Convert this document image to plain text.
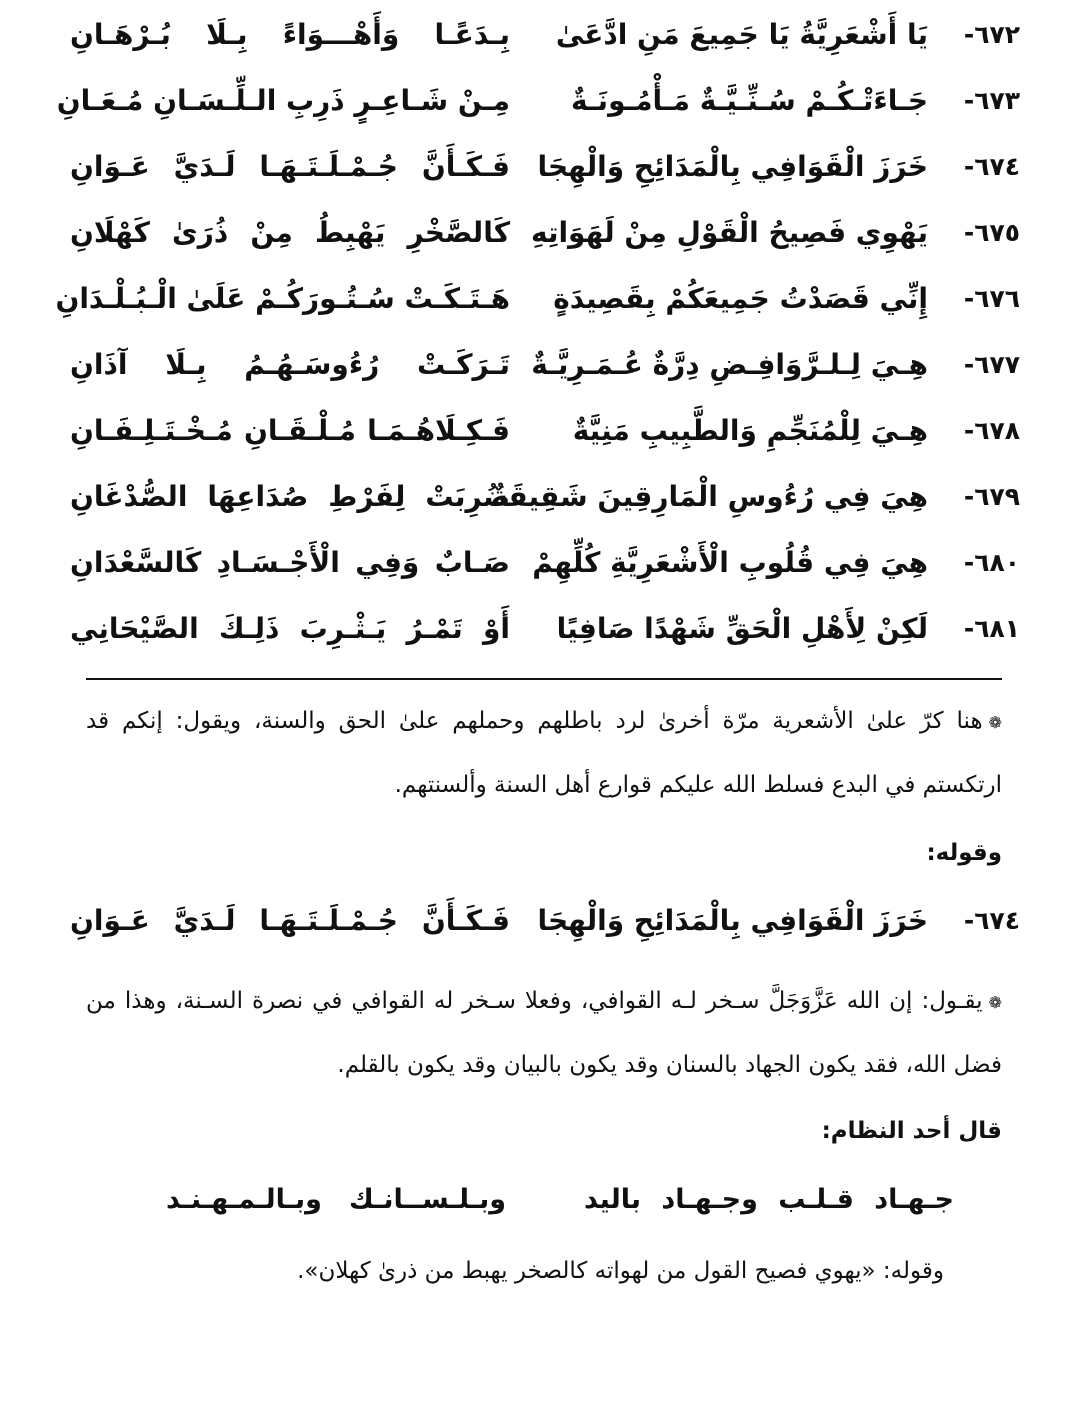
٦٧٢-
يَا أَشْعَرِيَّةُ يَا جَمِيعَ مَنِ ادَّعَىٰ
بِـدَعًـا وَأَهْـــوَاءً بِـلَا بُـرْهَـانِ
٦٧٣-
جَـاءَتْـكُـمْ سُـنِّـيَّـةٌ مَـأْمُـونَـةٌ
مِـنْ شَـاعِـرٍ ذَرِبِ الـلِّـسَـانِ مُـعَـانِ
٦٧٤-
خَرَزَ الْقَوَافِي بِالْمَدَائِحِ وَالْهِجَا
فَـكَـأَنَّ جُـمْـلَـتَـهَـا لَـدَيَّ عَـوَانِ
٦٧٥-
يَهْوِي فَصِيحُ الْقَوْلِ مِنْ لَهَوَاتِهِ
كَالصَّخْرِ يَهْبِطُ مِنْ ذُرَىٰ كَهْلَانِ
٦٧٦-
إِنِّي قَصَدْتُ جَمِيعَكُمْ بِقَصِيدَةٍ
هَـتَـكَـتْ سُـتُـورَكُـمْ عَلَىٰ الْـبُـلْـدَانِ
٦٧٧-
هِـيَ لِـلـرَّوَافِـضِ دِرَّةٌ عُـمَـرِيَّـةٌ
تَـرَكَـتْ رُءُوسَـهُـمُ بِـلَا آذَانِ
٦٧٨-
هِـيَ لِلْمُنَجِّمِ وَالطَّبِيبِ مَنِيَّةٌ
فَـكِـلَاهُـمَـا مُـلْـقَـانِ مُـخْـتَـلِـفَـانِ
٦٧٩-
هِيَ فِي رُءُوسِ الْمَارِقِينَ شَقِيقَةٌ
ضُرِبَتْ لِفَرْطِ صُدَاعِهَا الصُّدْغَانِ
٦٨٠-
هِيَ فِي قُلُوبِ الْأَشْعَرِيَّةِ كُلِّهِمْ
صَـابٌ وَفِي الْأَجْـسَـادِ كَالسَّعْدَانِ
٦٨١-
لَكِنْ لِأَهْلِ الْحَقِّ شَهْدًا صَافِيًا
أَوْ تَمْـرُ يَـثْـرِبَ ذَلِـكَ الصَّيْحَانِي
❁هنا كرّ علىٰ الأشعرية مرّة أخرىٰ لرد باطلهم وحملهم علىٰ الحق والسنة، ويقول: إنكم قد ارتكستم في البدع فسلط الله عليكم قوارع أهل السنة وألسنتهم.
وقوله:
٦٧٤-
خَرَزَ الْقَوَافِي بِالْمَدَائِحِ وَالْهِجَا
فَـكَـأَنَّ جُـمْـلَـتَـهَـا لَـدَيَّ عَـوَانِ
❁يقـول: إن الله عَزَّوَجَلَّ سـخر لـه القوافي، وفعلا سـخر له القوافي في نصرة السـنة، وهذا من فضل الله، فقد يكون الجهاد بالسنان وقد يكون بالبيان وقد يكون بالقلم.
قال أحد النظام:
جـهـاد قـلـب وجـهـاد باليد
وبـلـســانـك وبـالـمـهـنـد
وقوله: «يهوي فصيح القول من لهواته كالصخر يهبط من ذرىٰ كهلان».
